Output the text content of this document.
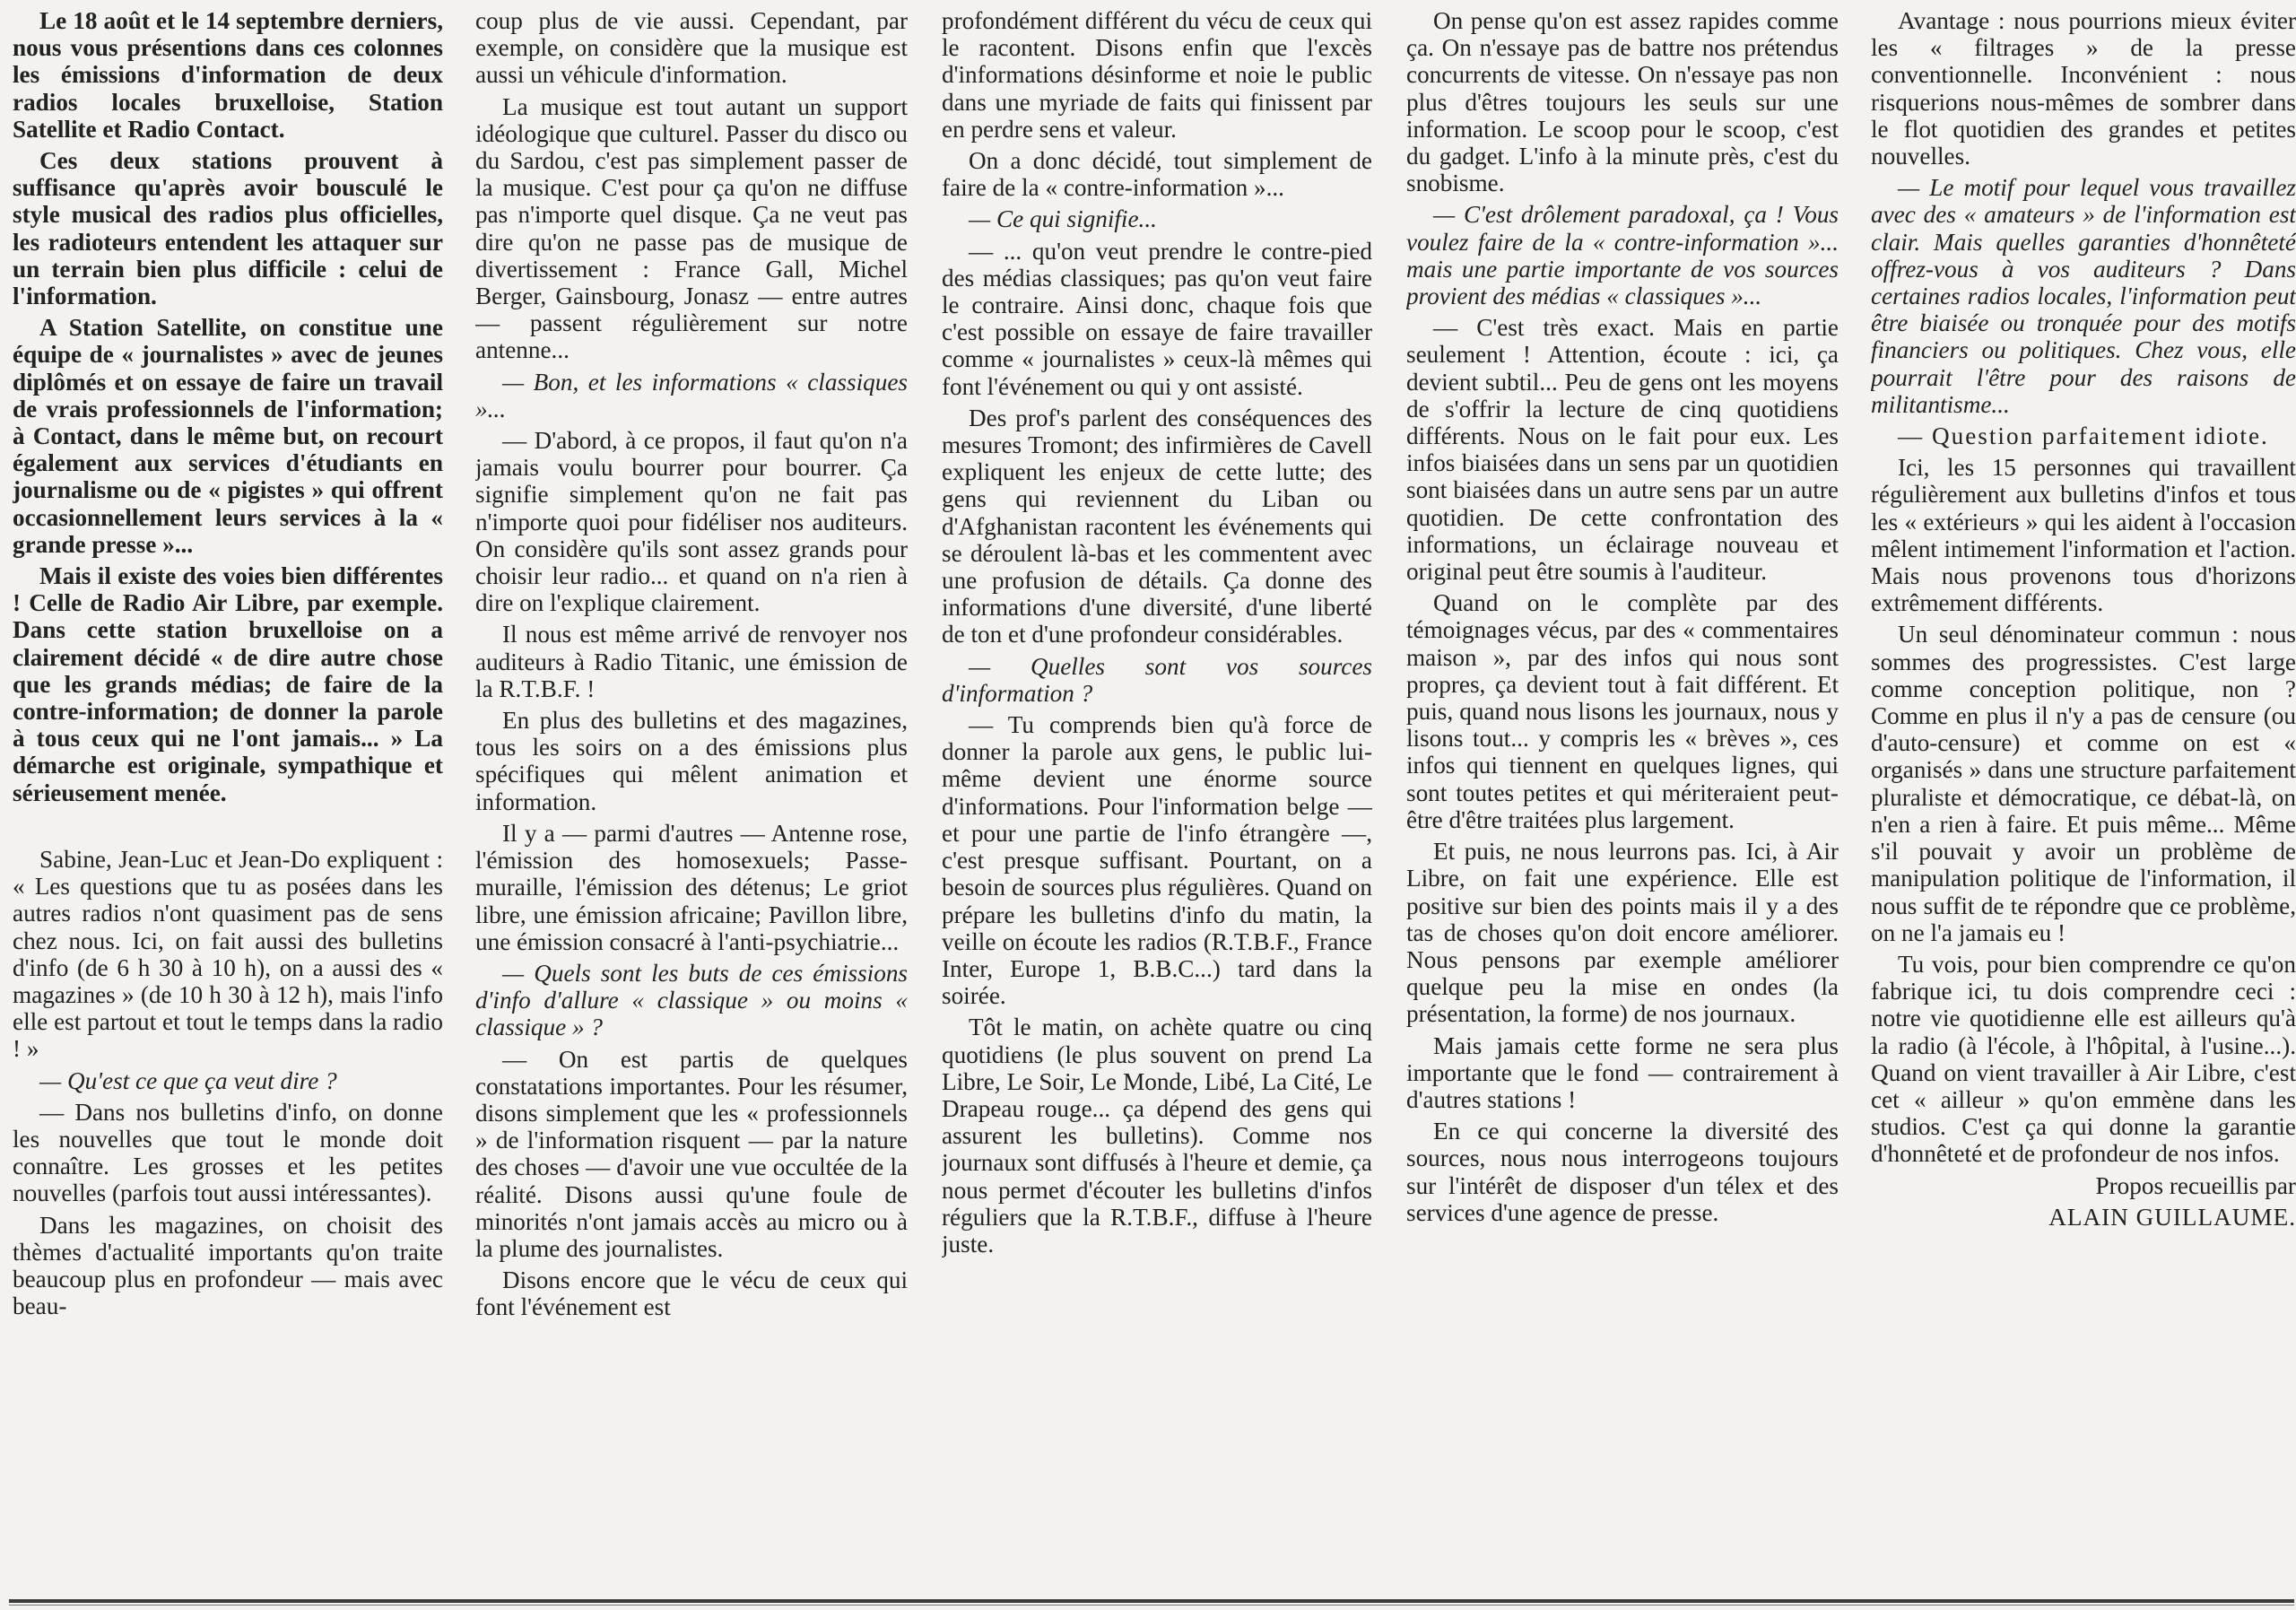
Le 18 août et le 14 septembre derniers, nous vous présentions dans ces colonnes les émissions d'information de deux radios locales bruxelloise, Station Satellite et Radio Contact.

Ces deux stations prouvent à suffisance qu'après avoir bousculé le style musical des radios plus officielles, les radioteurs entendent les attaquer sur un terrain bien plus difficile : celui de l'information.

A Station Satellite, on constitue une équipe de « journalistes » avec de jeunes diplômés et on essaye de faire un travail de vrais professionnels de l'information; à Contact, dans le même but, on recourt également aux services d'étudiants en journalisme ou de « pigistes » qui offrent occasionnellement leurs services à la « grande presse »...

Mais il existe des voies bien différentes ! Celle de Radio Air Libre, par exemple. Dans cette station bruxelloise on a clairement décidé « de dire autre chose que les grands médias; de faire de la contre-information; de donner la parole à tous ceux qui ne l'ont jamais... » La démarche est originale, sympathique et sérieusement menée.

Sabine, Jean-Luc et Jean-Do expliquent : « Les questions que tu as posées dans les autres radios n'ont quasiment pas de sens chez nous. Ici, on fait aussi des bulletins d'info (de 6 h 30 à 10 h), on a aussi des « magazines » (de 10 h 30 à 12 h), mais l'info elle est partout et tout le temps dans la radio ! »

— Qu'est ce que ça veut dire ?

— Dans nos bulletins d'info, on donne les nouvelles que tout le monde doit connaître. Les grosses et les petites nouvelles (parfois tout aussi intéressantes).

Dans les magazines, on choisit des thèmes d'actualité importants qu'on traite beaucoup plus en profondeur — mais avec beau-

coup plus de vie aussi. Cependant, par exemple, on considère que la musique est aussi un véhicule d'information.

La musique est tout autant un support idéologique que culturel. Passer du disco ou du Sardou, c'est pas simplement passer de la musique. C'est pour ça qu'on ne diffuse pas n'importe quel disque. Ça ne veut pas dire qu'on ne passe pas de musique de divertissement : France Gall, Michel Berger, Gainsbourg, Jonasz — entre autres — passent régulièrement sur notre antenne...

— Bon, et les informations « classiques »...

— D'abord, à ce propos, il faut qu'on n'a jamais voulu bourrer pour bourrer. Ça signifie simplement qu'on ne fait pas n'importe quoi pour fidéliser nos auditeurs. On considère qu'ils sont assez grands pour choisir leur radio... et quand on n'a rien à dire on l'explique clairement.

Il nous est même arrivé de renvoyer nos auditeurs à Radio Titanic, une émission de la R.T.B.F. !

En plus des bulletins et des magazines, tous les soirs on a des émissions plus spécifiques qui mêlent animation et information.

Il y a — parmi d'autres — Antenne rose, l'émission des homosexuels; Passe-muraille, l'émission des détenus; Le griot libre, une émission africaine; Pavillon libre, une émission consacré à l'anti-psychiatrie...

— Quels sont les buts de ces émissions d'info d'allure « classique » ou moins « classique » ?

— On est partis de quelques constatations importantes. Pour les résumer, disons simplement que les « professionnels » de l'information risquent — par la nature des choses — d'avoir une vue occultée de la réalité. Disons aussi qu'une foule de minorités n'ont jamais accès au micro ou à la plume des journalistes.

Disons encore que le vécu de ceux qui font l'événement est

profondément différent du vécu de ceux qui le racontent. Disons enfin que l'excès d'informations désinforme et noie le public dans une myriade de faits qui finissent par en perdre sens et valeur.

On a donc décidé, tout simplement de faire de la « contre-information »...

— Ce qui signifie...

— ... qu'on veut prendre le contre-pied des médias classiques; pas qu'on veut faire le contraire. Ainsi donc, chaque fois que c'est possible on essaye de faire travailler comme « journalistes » ceux-là mêmes qui font l'événement ou qui y ont assisté.

Des prof's parlent des conséquences des mesures Tromont; des infirmières de Cavell expliquent les enjeux de cette lutte; des gens qui reviennent du Liban ou d'Afghanistan racontent les événements qui se déroulent là-bas et les commentent avec une profusion de détails. Ça donne des informations d'une diversité, d'une liberté de ton et d'une profondeur considérables.

— Quelles sont vos sources d'information ?

— Tu comprends bien qu'à force de donner la parole aux gens, le public lui-même devient une énorme source d'informations. Pour l'information belge — et pour une partie de l'info étrangère —, c'est presque suffisant. Pourtant, on a besoin de sources plus régulières. Quand on prépare les bulletins d'info du matin, la veille on écoute les radios (R.T.B.F., France Inter, Europe 1, B.B.C...) tard dans la soirée.

Tôt le matin, on achète quatre ou cinq quotidiens (le plus souvent on prend La Libre, Le Soir, Le Monde, Libé, La Cité, Le Drapeau rouge... ça dépend des gens qui assurent les bulletins). Comme nos journaux sont diffusés à l'heure et demie, ça nous permet d'écouter les bulletins d'infos réguliers que la R.T.B.F., diffuse à l'heure juste.

On pense qu'on est assez rapides comme ça. On n'essaye pas de battre nos prétendus concurrents de vitesse. On n'essaye pas non plus d'êtres toujours les seuls sur une information. Le scoop pour le scoop, c'est du gadget. L'info à la minute près, c'est du snobisme.

— C'est drôlement paradoxal, ça ! Vous voulez faire de la « contre-information »... mais une partie importante de vos sources provient des médias « classiques »...

— C'est très exact. Mais en partie seulement ! Attention, écoute : ici, ça devient subtil... Peu de gens ont les moyens de s'offrir la lecture de cinq quotidiens différents. Nous on le fait pour eux. Les infos biaisées dans un sens par un quotidien sont biaisées dans un autre sens par un autre quotidien. De cette confrontation des informations, un éclairage nouveau et original peut être soumis à l'auditeur.

Quand on le complète par des témoignages vécus, par des « commentaires maison », par des infos qui nous sont propres, ça devient tout à fait différent. Et puis, quand nous lisons les journaux, nous y lisons tout... y compris les « brèves », ces infos qui tiennent en quelques lignes, qui sont toutes petites et qui mériteraient peut-être d'être traitées plus largement.

Et puis, ne nous leurrons pas. Ici, à Air Libre, on fait une expérience. Elle est positive sur bien des points mais il y a des tas de choses qu'on doit encore améliorer. Nous pensons par exemple améliorer quelque peu la mise en ondes (la présentation, la forme) de nos journaux.

Mais jamais cette forme ne sera plus importante que le fond — contrairement à d'autres stations !

En ce qui concerne la diversité des sources, nous nous interrogeons toujours sur l'intérêt de disposer d'un télex et des services d'une agence de presse.

Avantage : nous pourrions mieux éviter les « filtrages » de la presse conventionnelle. Inconvénient : nous risquerions nous-mêmes de sombrer dans le flot quotidien des grandes et petites nouvelles.

— Le motif pour lequel vous travaillez avec des « amateurs » de l'information est clair. Mais quelles garanties d'honnêteté offrez-vous à vos auditeurs ? Dans certaines radios locales, l'information peut être biaisée ou tronquée pour des motifs financiers ou politiques. Chez vous, elle pourrait l'être pour des raisons de militantisme...

— Question parfaitement idiote.

Ici, les 15 personnes qui travaillent régulièrement aux bulletins d'infos et tous les « extérieurs » qui les aident à l'occasion mêlent intimement l'information et l'action. Mais nous provenons tous d'horizons extrêmement différents.

Un seul dénominateur commun : nous sommes des progressistes. C'est large comme conception politique, non ? Comme en plus il n'y a pas de censure (ou d'auto-censure) et comme on est « organisés » dans une structure parfaitement pluraliste et démocratique, ce débat-là, on n'en a rien à faire. Et puis même... Même s'il pouvait y avoir un problème de manipulation politique de l'information, il nous suffit de te répondre que ce problème, on ne l'a jamais eu !

Tu vois, pour bien comprendre ce qu'on fabrique ici, tu dois comprendre ceci : notre vie quotidienne elle est ailleurs qu'à la radio (à l'école, à l'hôpital, à l'usine...). Quand on vient travailler à Air Libre, c'est cet « ailleur » qu'on emmène dans les studios. C'est ça qui donne la garantie d'honnêteté et de profondeur de nos infos.

Propos recueillis par

ALAIN GUILLAUME.
